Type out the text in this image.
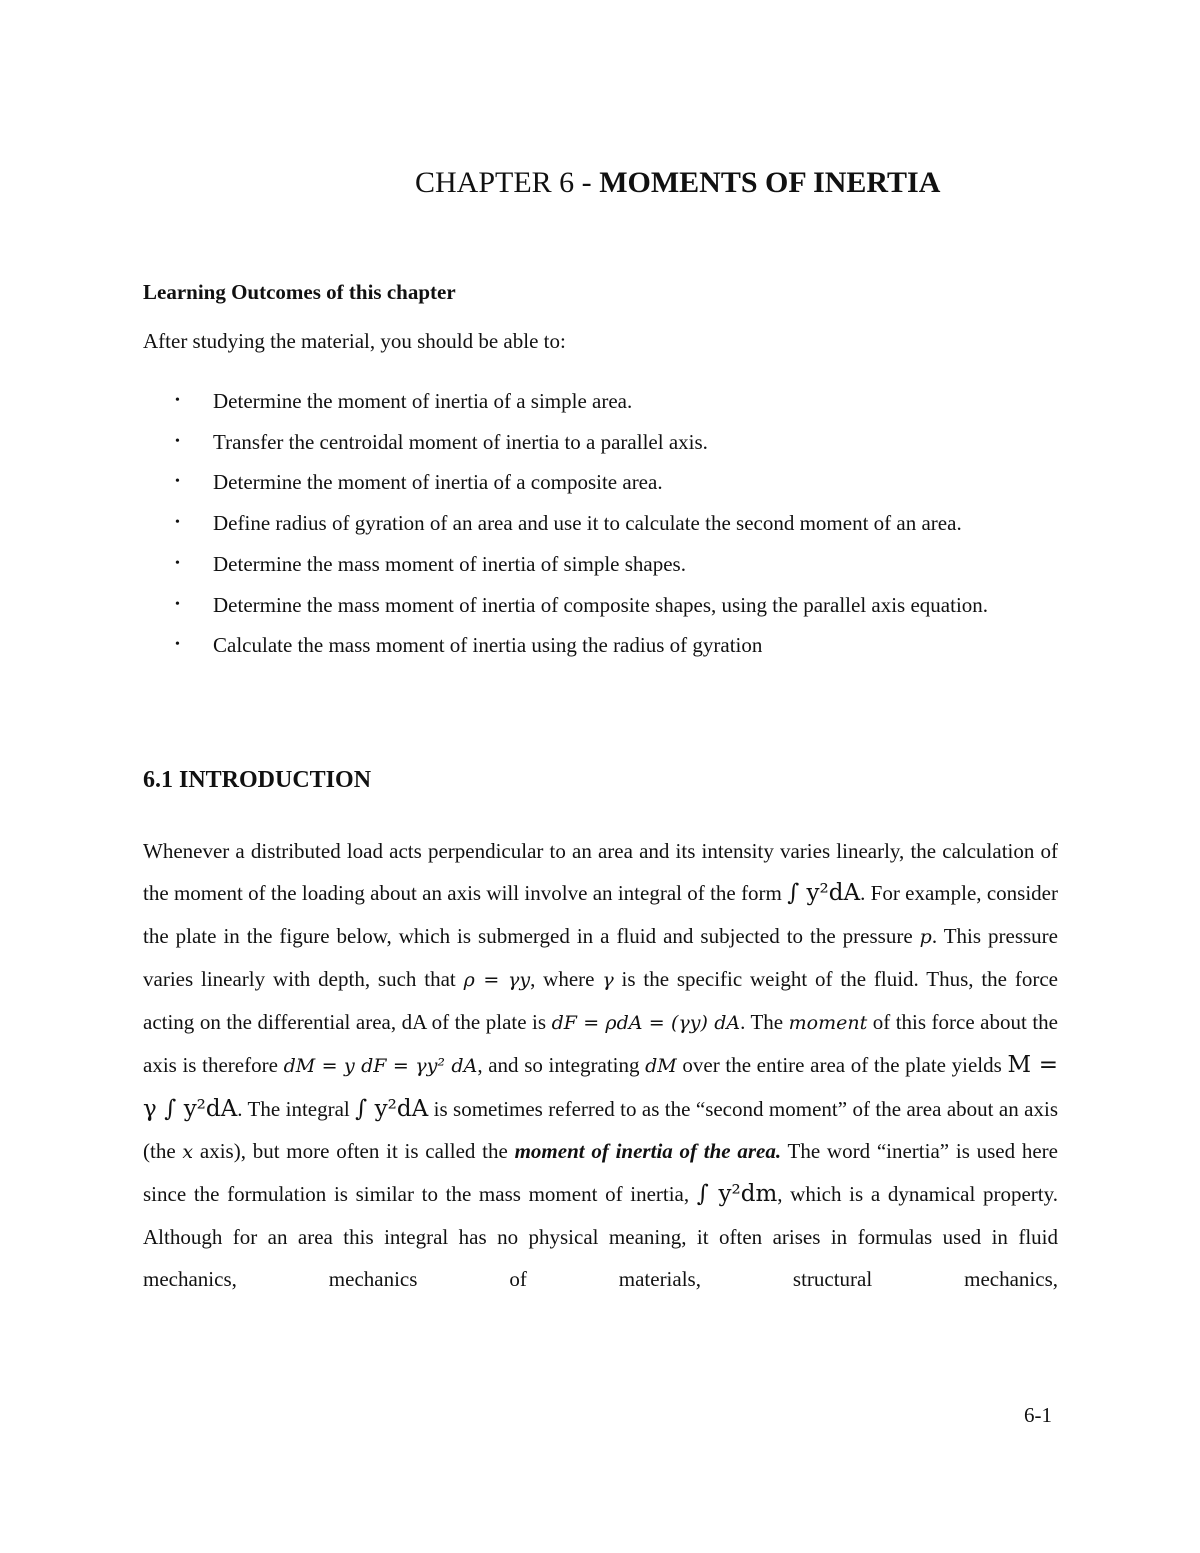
CHAPTER 6 - MOMENTS OF INERTIA
Learning Outcomes of this chapter

After studying the material, you should be able to:

• Determine the moment of inertia of a simple area.
• Transfer the centroidal moment of inertia to a parallel axis.
• Determine the moment of inertia of a composite area.
• Define radius of gyration of an area and use it to calculate the second moment of an area.
• Determine the mass moment of inertia of simple shapes.
• Determine the mass moment of inertia of composite shapes, using the parallel axis equation.
• Calculate the mass moment of inertia using the radius of gyration
6.1 INTRODUCTION

Whenever a distributed load acts perpendicular to an area and its intensity varies linearly, the calculation of the moment of the loading about an axis will involve an integral of the form ∫ y²dA. For example, consider the plate in the figure below, which is submerged in a fluid and subjected to the pressure p. This pressure varies linearly with depth, such that ρ = γy, where γ is the specific weight of the fluid. Thus, the force acting on the differential area, dA of the plate is dF = ρdA = (γy) dA. The moment of this force about the axis is therefore dM = y dF = γy² dA, and so integrating dM over the entire area of the plate yields M = γ ∫ y²dA. The integral ∫ y²dA is sometimes referred to as the “second moment” of the area about an axis (the x axis), but more often it is called the moment of inertia of the area. The word “inertia” is used here since the formulation is similar to the mass moment of inertia, ∫ y²dm, which is a dynamical property. Although for an area this integral has no physical meaning, it often arises in formulas used in fluid mechanics, mechanics of materials, structural mechanics,

6-1
